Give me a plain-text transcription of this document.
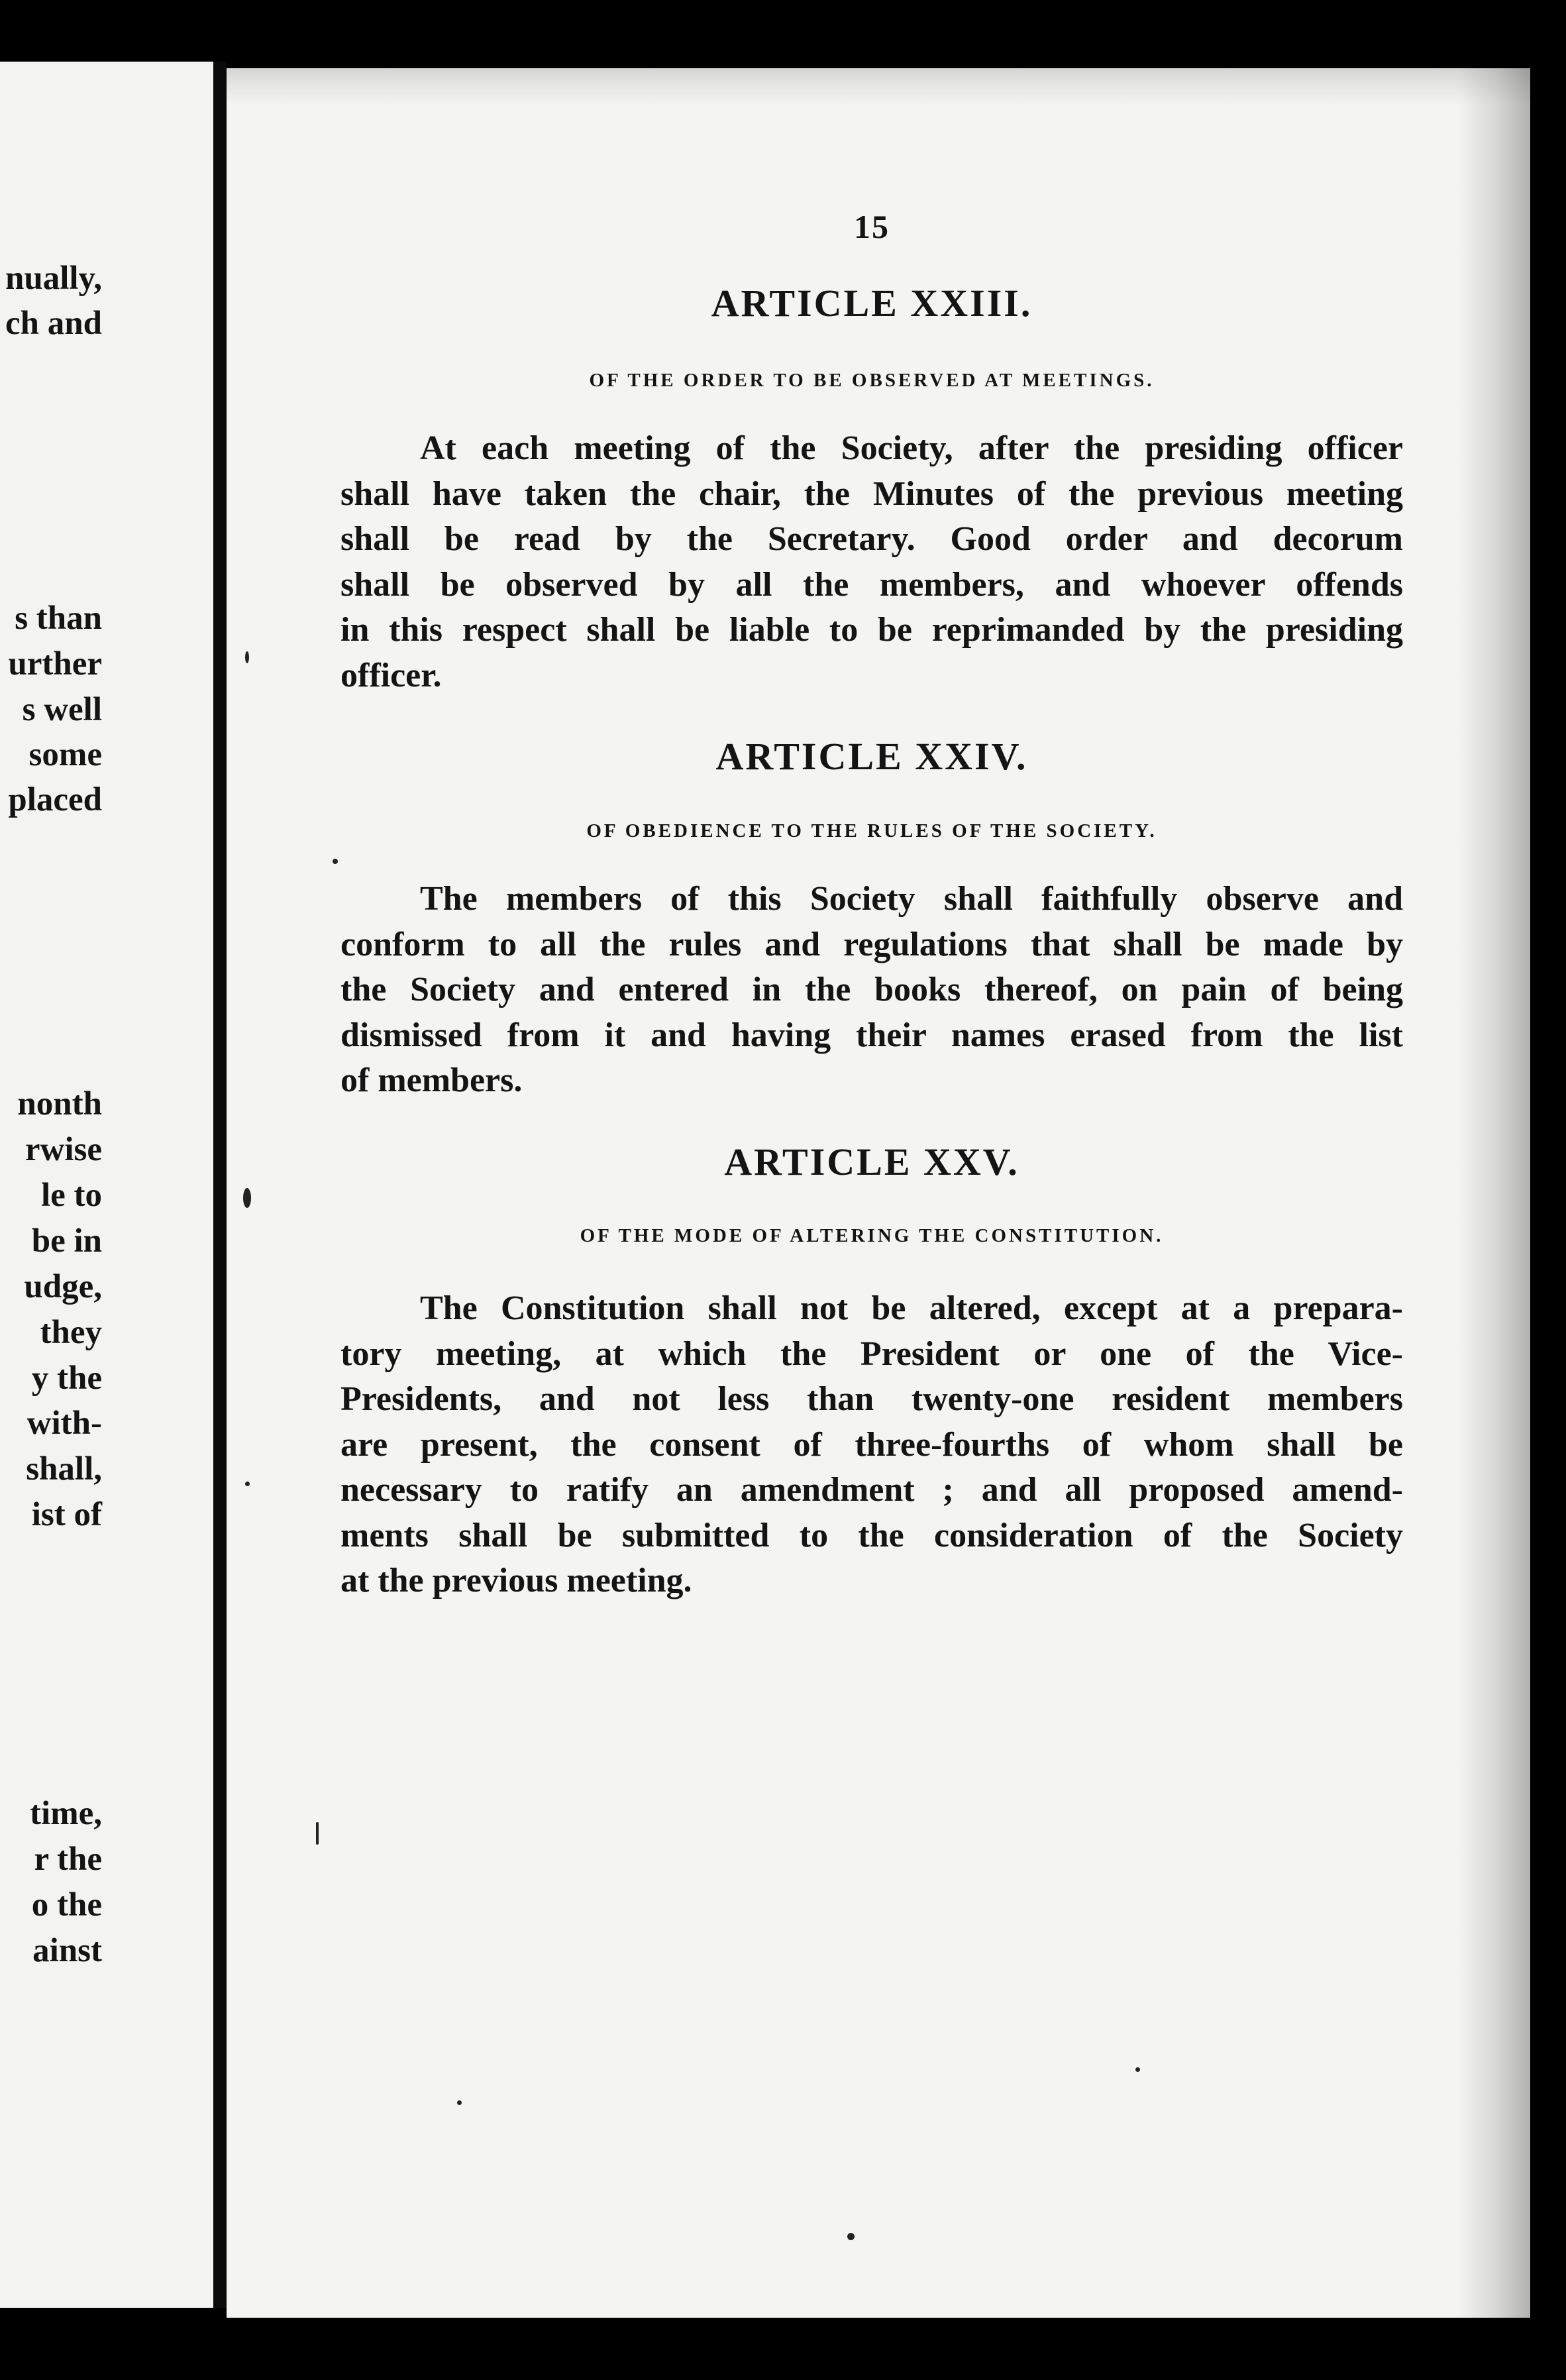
nually,
ch and
s than
urther
s well
some
placed
nonth
rwise
le to
be in
udge,
they
y the
with-
shall,
ist of
time,
r the
o the
ainst
15
ARTICLE XXIII.
OF THE ORDER TO BE OBSERVED AT MEETINGS.
At each meeting of the Society, after the presiding officer
shall have taken the chair, the Minutes of the previous meeting
shall be read by the Secretary. Good order and decorum
shall be observed by all the members, and whoever offends
in this respect shall be liable to be reprimanded by the presiding
officer.
ARTICLE XXIV.
OF OBEDIENCE TO THE RULES OF THE SOCIETY.
The members of this Society shall faithfully observe and
conform to all the rules and regulations that shall be made by
the Society and entered in the books thereof, on pain of being
dismissed from it and having their names erased from the list
of members.
ARTICLE XXV.
OF THE MODE OF ALTERING THE CONSTITUTION.
The Constitution shall not be altered, except at a prepara-
tory meeting, at which the President or one of the Vice-
Presidents, and not less than twenty-one resident members
are present, the consent of three-fourths of whom shall be
necessary to ratify an amendment ; and all proposed amend-
ments shall be submitted to the consideration of the Society
at the previous meeting.
